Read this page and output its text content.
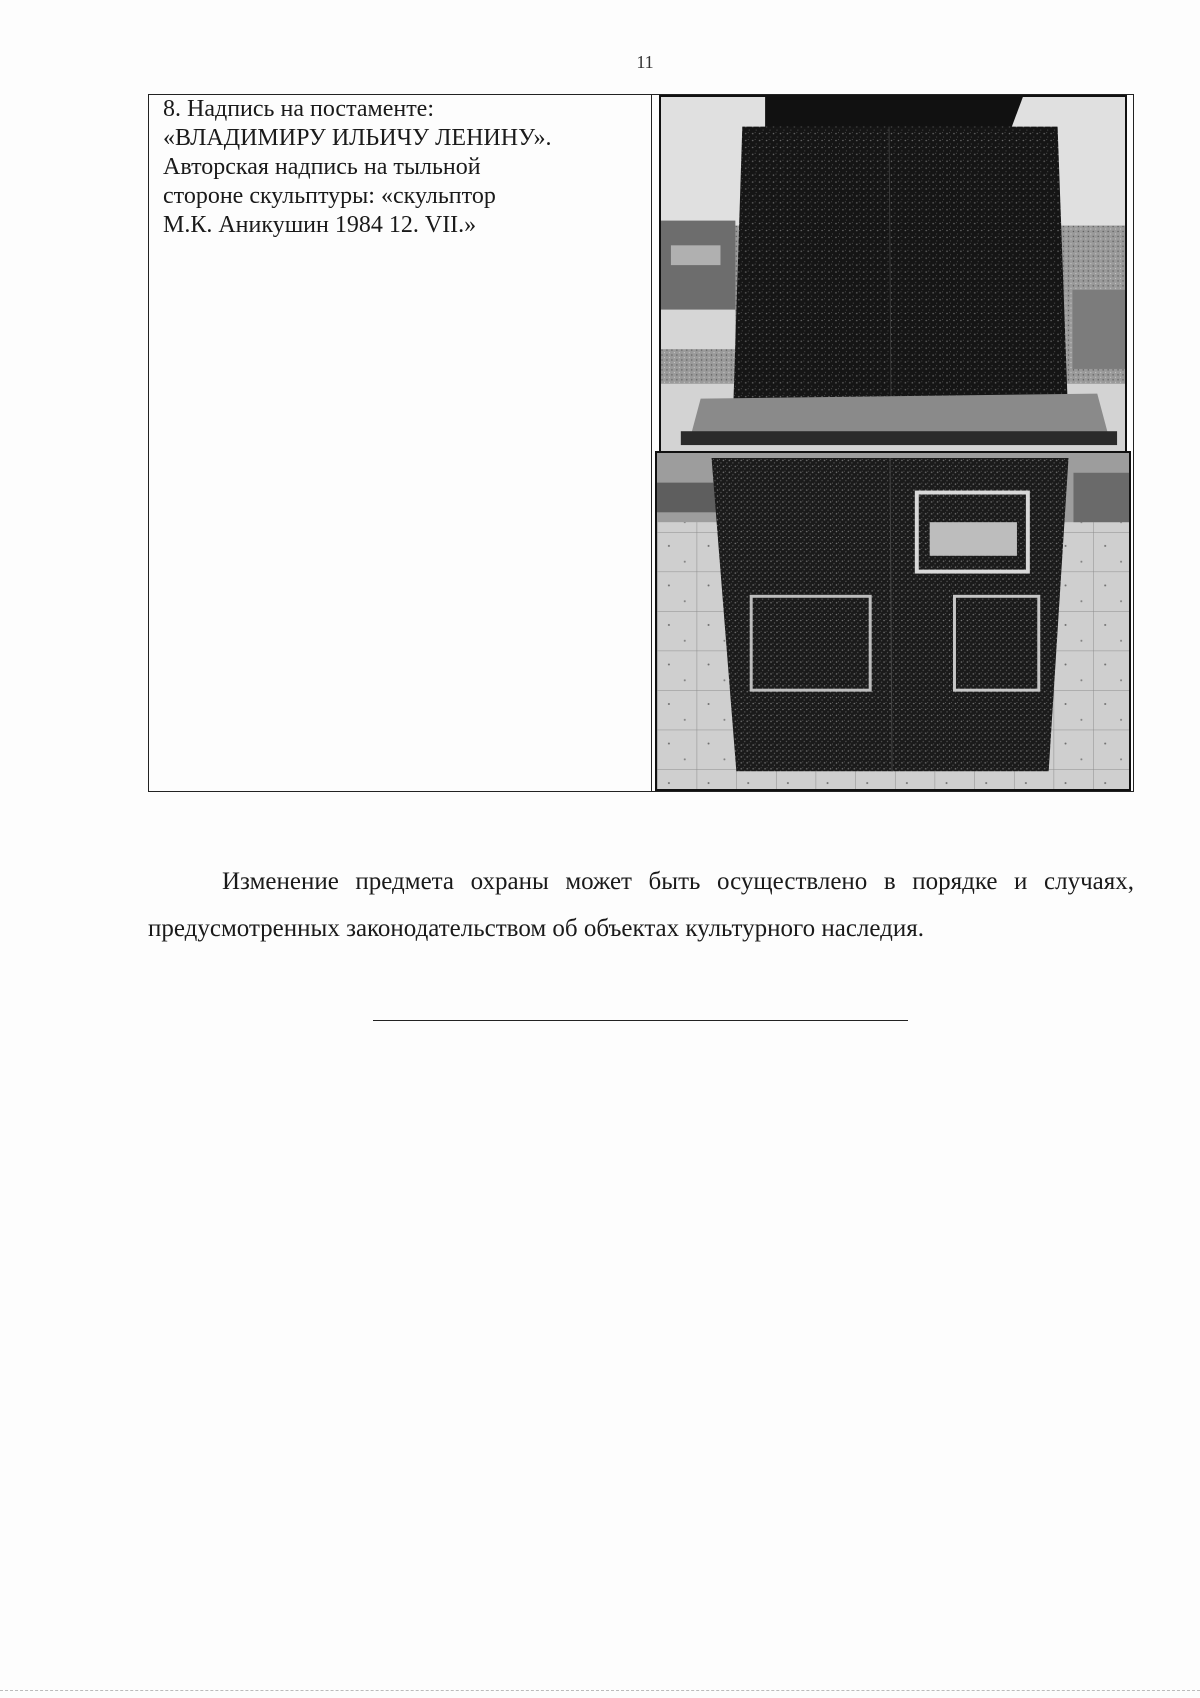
11

8. Надпись на постаменте:

«ВЛАДИМИРУ ИЛЬИЧУ ЛЕНИНУ».

Авторская надпись на тыльной

стороне скульптуры: «скульптор

М.К. Аникушин 1984 12. VII.»

Изменение предмета охраны может быть осуществлено в порядке и случаях, предусмотренных законодательством об объектах культурного наследия.
